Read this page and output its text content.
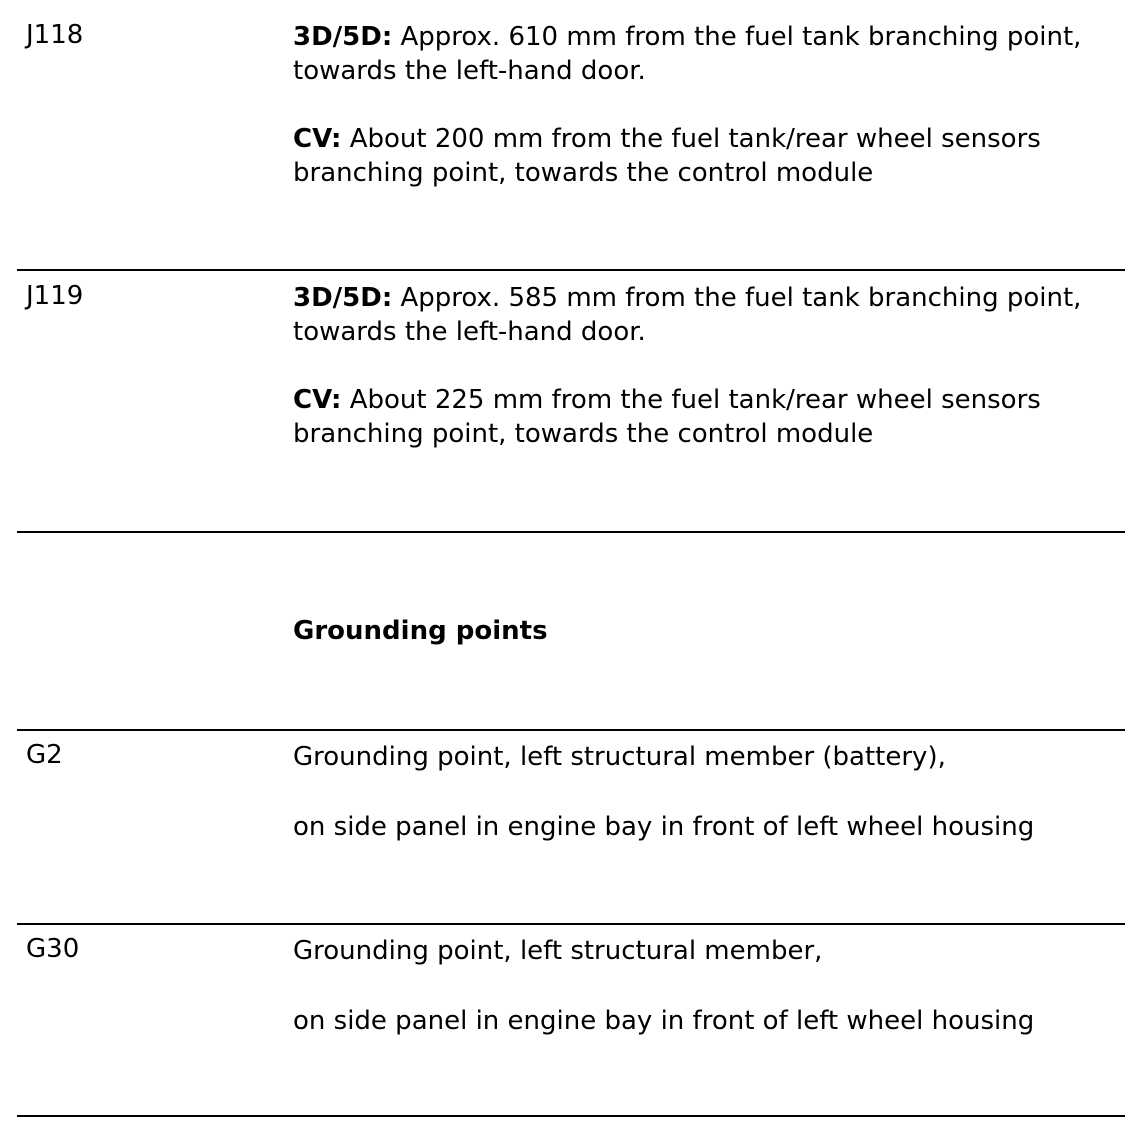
J118	3D/5D: Approx. 610 mm from the fuel tank branching point, towards the left-hand door.

CV: About 200 mm from the fuel tank/rear wheel sensors branching point, towards the control module

J119	3D/5D: Approx. 585 mm from the fuel tank branching point, towards the left-hand door.

CV: About 225 mm from the fuel tank/rear wheel sensors branching point, towards the control module

Grounding points
G2	Grounding point, left structural member (battery),

on side panel in engine bay in front of left wheel housing

G30	Grounding point, left structural member,

on side panel in engine bay in front of left wheel housing
